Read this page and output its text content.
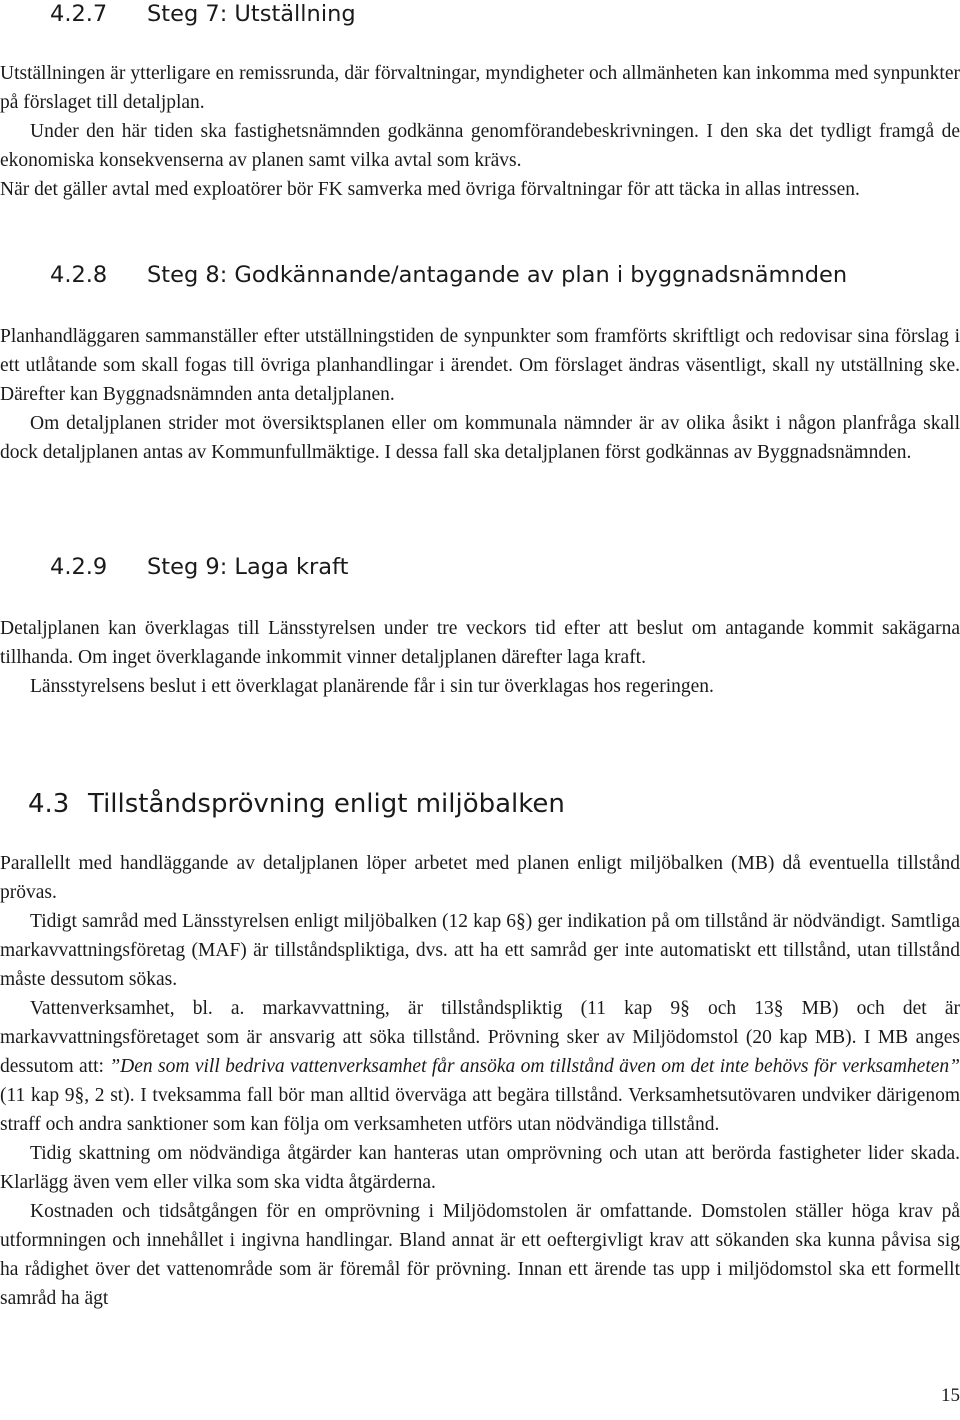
4.2.7 Steg 7: Utställning

Utställningen är ytterligare en remissrunda, där förvaltningar, myndigheter och allmänheten kan inkomma med synpunkter på förslaget till detaljplan.

Under den här tiden ska fastighetsnämnden godkänna genomförandebeskrivningen. I den ska det tydligt framgå de ekonomiska konsekvenserna av planen samt vilka avtal som krävs.

När det gäller avtal med exploatörer bör FK samverka med övriga förvaltningar för att täcka in allas intressen.

4.2.8 Steg 8: Godkännande/antagande av plan i byggnadsnämnden

Planhandläggaren sammanställer efter utställningstiden de synpunkter som framförts skriftligt och redovisar sina förslag i ett utlåtande som skall fogas till övriga planhandlingar i ärendet. Om förslaget ändras väsentligt, skall ny utställning ske. Därefter kan Byggnadsnämnden anta detaljplanen.

Om detaljplanen strider mot översiktsplanen eller om kommunala nämnder är av olika åsikt i någon planfråga skall dock detaljplanen antas av Kommunfullmäktige. I dessa fall ska detaljplanen först godkännas av Byggnadsnämnden.

4.2.9 Steg 9: Laga kraft

Detaljplanen kan överklagas till Länsstyrelsen under tre veckors tid efter att beslut om antagande kommit sakägarna tillhanda. Om inget överklagande inkommit vinner detaljplanen därefter laga kraft.

Länsstyrelsens beslut i ett överklagat planärende får i sin tur överklagas hos regeringen.

4.3 Tillståndsprövning enligt miljöbalken

Parallellt med handläggande av detaljplanen löper arbetet med planen enligt miljöbalken (MB) då eventuella tillstånd prövas.

Tidigt samråd med Länsstyrelsen enligt miljöbalken (12 kap 6§) ger indikation på om tillstånd är nödvändigt. Samtliga markavvattningsföretag (MAF) är tillståndspliktiga, dvs. att ha ett samråd ger inte automatiskt ett tillstånd, utan tillstånd måste dessutom sökas.

Vattenverksamhet, bl. a. markavvattning, är tillståndspliktig (11 kap 9§ och 13§ MB) och det är markavvattningsföretaget som är ansvarig att söka tillstånd. Prövning sker av Miljödomstol (20 kap MB). I MB anges dessutom att: ”Den som vill bedriva vattenverksamhet får ansöka om tillstånd även om det inte behövs för verksamheten” (11 kap 9§, 2 st). I tveksamma fall bör man alltid överväga att begära tillstånd. Verksamhetsutövaren undviker därigenom straff och andra sanktioner som kan följa om verksamheten utförs utan nödvändiga tillstånd.

Tidig skattning om nödvändiga åtgärder kan hanteras utan omprövning och utan att berörda fastigheter lider skada. Klarlägg även vem eller vilka som ska vidta åtgärderna.

Kostnaden och tidsåtgången för en omprövning i Miljödomstolen är omfattande. Domstolen ställer höga krav på utformningen och innehållet i ingivna handlingar. Bland annat är ett oeftergivligt krav att sökanden ska kunna påvisa sig ha rådighet över det vattenområde som är föremål för prövning. Innan ett ärende tas upp i miljödomstol ska ett formellt samråd ha ägt

15
